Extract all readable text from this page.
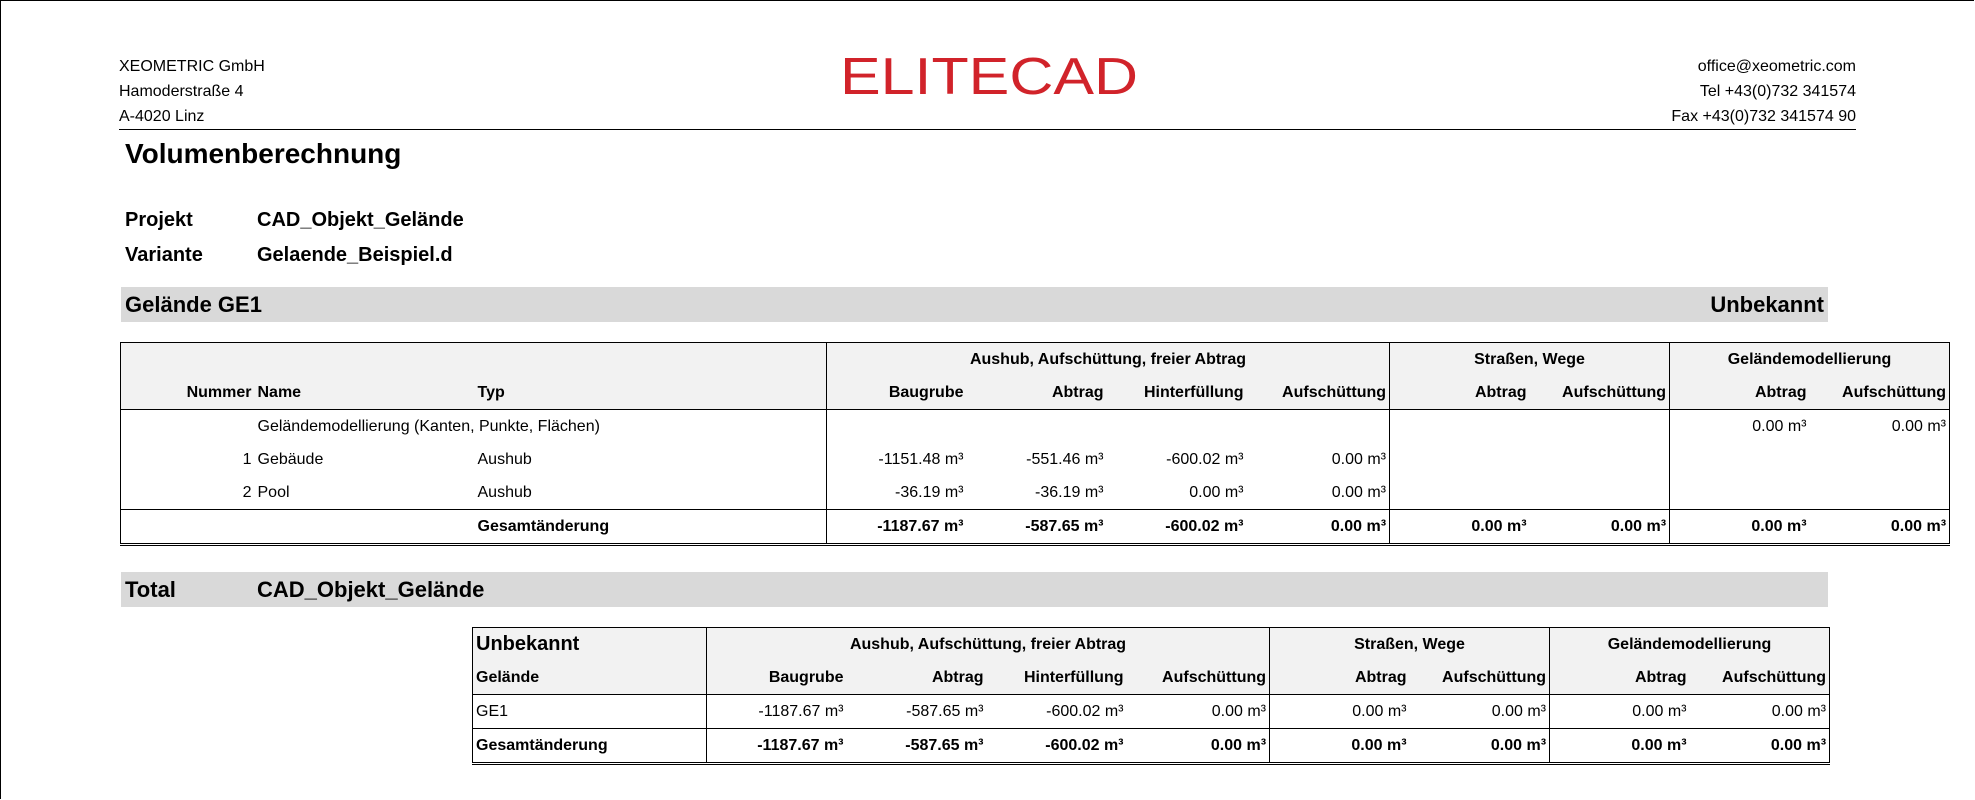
XEOMETRIC GmbH
Hamoderstraße 4
A-4020 Linz
ELITECAD	office@xeometric.com
Tel +43(0)732 341574
Fax +43(0)732 341574 90
Volumenberechnung
Projekt	CAD_Objekt_Gelände
Variante	Gelaende_Beispiel.d
Gelände GE1	Unbekannt
			Aushub, Aufschüttung, freier Abtrag				Straßen, Wege		Geländemodellierung	
Nummer	Name	Typ	Baugrube	Abtrag	Hinterfüllung	Aufschüttung	Abtrag	Aufschüttung	Abtrag	Aufschüttung
	Geländemodellierung (Kanten, Punkte, Flächen)								0.00 m³	0.00 m³
1	Gebäude	Aushub	-1151.48 m³	-551.46 m³	-600.02 m³	0.00 m³				
2	Pool	Aushub	-36.19 m³	-36.19 m³	0.00 m³	0.00 m³				
		Gesamtänderung	-1187.67 m³	-587.65 m³	-600.02 m³	0.00 m³	0.00 m³	0.00 m³	0.00 m³	0.00 m³
Total	CAD_Objekt_Gelände
Unbekannt	Aushub, Aufschüttung, freier Abtrag				Straßen, Wege		Geländemodellierung	
Gelände	Baugrube	Abtrag	Hinterfüllung	Aufschüttung	Abtrag	Aufschüttung	Abtrag	Aufschüttung
GE1	-1187.67 m³	-587.65 m³	-600.02 m³	0.00 m³	0.00 m³	0.00 m³	0.00 m³	0.00 m³
Gesamtänderung	-1187.67 m³	-587.65 m³	-600.02 m³	0.00 m³	0.00 m³	0.00 m³	0.00 m³	0.00 m³
